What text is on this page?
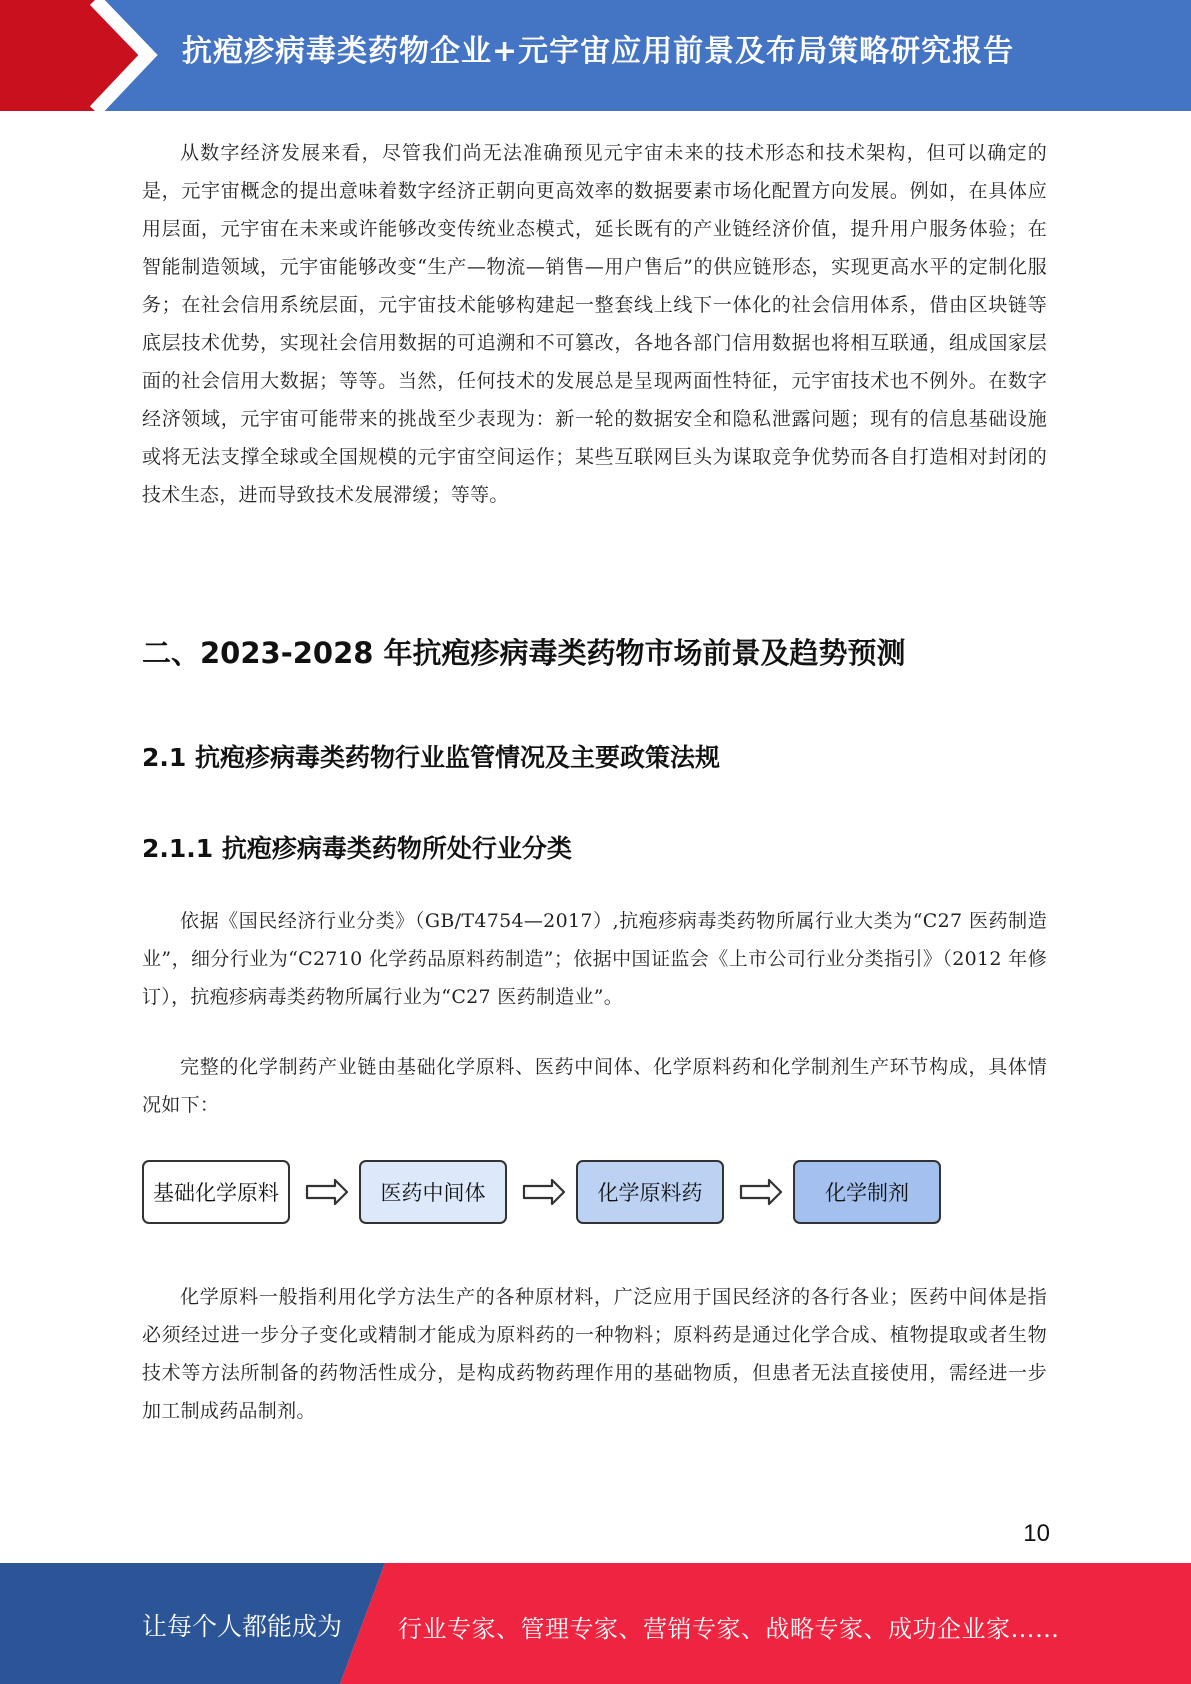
抗疱疹病毒类药物企业+元宇宙应用前景及布局策略研究报告

从数字经济发展来看，尽管我们尚无法准确预见元宇宙未来的技术形态和技术架构，但可以确定的是，元宇宙概念的提出意味着数字经济正朝向更高效率的数据要素市场化配置方向发展。例如，在具体应用层面，元宇宙在未来或许能够改变传统业态模式，延长既有的产业链经济价值，提升用户服务体验；在智能制造领域，元宇宙能够改变“生产—物流—销售—用户售后”的供应链形态，实现更高水平的定制化服务；在社会信用系统层面，元宇宙技术能够构建起一整套线上线下一体化的社会信用体系，借由区块链等底层技术优势，实现社会信用数据的可追溯和不可篡改，各地各部门信用数据也将相互联通，组成国家层面的社会信用大数据；等等。当然，任何技术的发展总是呈现两面性特征，元宇宙技术也不例外。在数字经济领域，元宇宙可能带来的挑战至少表现为：新一轮的数据安全和隐私泄露问题；现有的信息基础设施或将无法支撑全球或全国规模的元宇宙空间运作；某些互联网巨头为谋取竞争优势而各自打造相对封闭的技术生态，进而导致技术发展滞缓；等等。

二、2023-2028 年抗疱疹病毒类药物市场前景及趋势预测
2.1 抗疱疹病毒类药物行业监管情况及主要政策法规
2.1.1 抗疱疹病毒类药物所处行业分类

依据《国民经济行业分类》（GB/T4754—2017）,抗疱疹病毒类药物所属行业大类为“C27 医药制造业”，细分行业为“C2710 化学药品原料药制造”；依据中国证监会《上市公司行业分类指引》（2012 年修订），抗疱疹病毒类药物所属行业为“C27 医药制造业”。

完整的化学制药产业链由基础化学原料、医药中间体、化学原料药和化学制剂生产环节构成，具体情况如下：

基础化学原料	医药中间体	化学原料药	化学制剂

化学原料一般指利用化学方法生产的各种原材料，广泛应用于国民经济的各行各业；医药中间体是指必须经过进一步分子变化或精制才能成为原料药的一种物料；原料药是通过化学合成、植物提取或者生物技术等方法所制备的药物活性成分，是构成药物药理作用的基础物质，但患者无法直接使用，需经进一步加工制成药品制剂。

10
让每个人都能成为 行业专家、管理专家、营销专家、战略专家、成功企业家……
